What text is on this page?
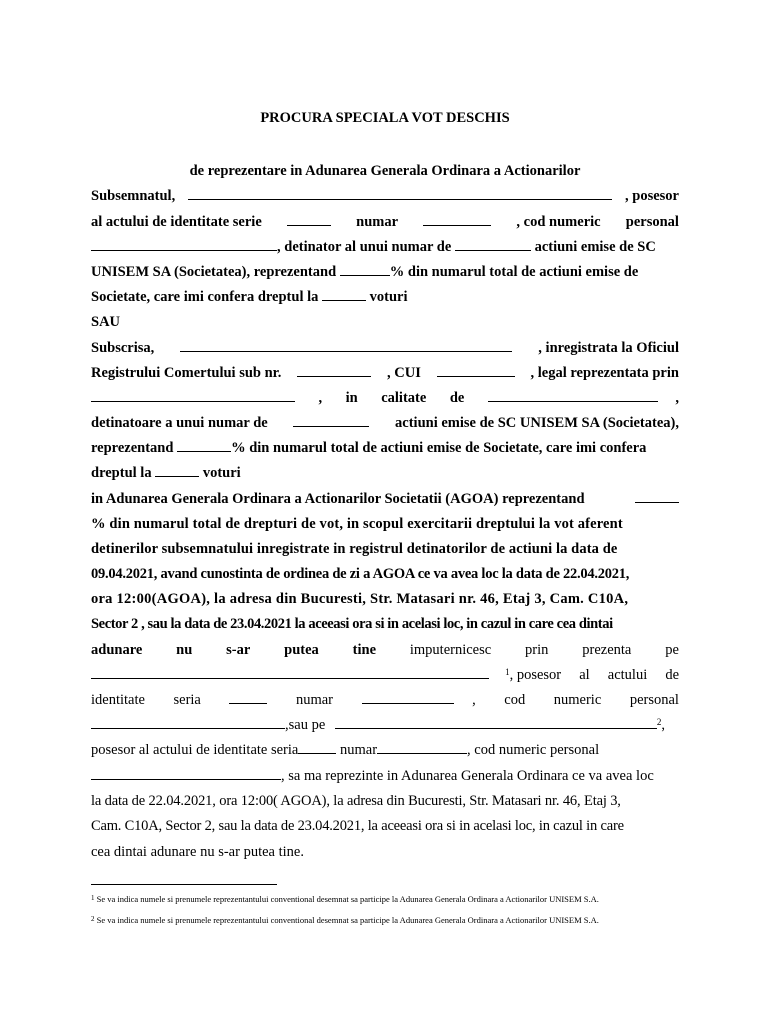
PROCURA SPECIALA VOT DESCHIS
de reprezentare in Adunarea Generala Ordinara a Actionarilor
Subsemnatul,	, posesor
al actului de identitate serie	numar	, cod numeric personal
, detinator al unui numar de	actiuni emise de SC
UNISEM SA (Societatea), reprezentand	% din numarul total de actiuni emise de
Societate, care imi confera dreptul la	voturi
SAU
Subscrisa,	, inregistrata la Oficiul
Registrului Comertului sub nr.	, CUI	, legal reprezentata prin
, in calitate de	,
detinatoare a unui numar de	actiuni emise de SC UNISEM SA (Societatea),
reprezentand	% din numarul total de actiuni emise de Societate, care imi confera
dreptul la	voturi
in Adunarea Generala Ordinara a Actionarilor Societatii (AGOA) reprezentand
% din numarul total de drepturi de vot, in scopul exercitarii dreptului la vot aferent
detinerilor subsemnatului inregistrate in registrul detinatorilor de actiuni la data de
09.04.2021, avand cunostinta de ordinea de zi a AGOA ce va avea loc la data de 22.04.2021,
ora 12:00(AGOA), la adresa din Bucuresti, Str. Matasari nr. 46, Etaj 3, Cam. C10A,
Sector 2 , sau la data de 23.04.2021 la aceeasi ora si in acelasi loc, in cazul in care cea dintai
adunare nu s-ar putea tine imputernicesc prin prezenta pe
$^1$, posesor al actului de
identitate seria	numar	, cod numeric personal
,sau pe	$^2$,
posesor al actului de identitate seria	numar	, cod numeric personal
, sa ma reprezinte in Adunarea Generala Ordinara ce va avea loc
la data de 22.04.2021, ora 12:00( AGOA), la adresa din Bucuresti, Str. Matasari nr. 46, Etaj 3,
Cam. C10A, Sector 2, sau la data de 23.04.2021, la aceeasi ora si in acelasi loc, in cazul in care
cea dintai adunare nu s-ar putea tine.
$^1$ Se va indica numele si prenumele reprezentantului conventional desemnat sa participe la Adunarea Generala Ordinara a Actionarilor UNISEM S.A.
$^2$ Se va indica numele si prenumele reprezentantului conventional desemnat sa participe la Adunarea Generala Ordinara a Actionarilor UNISEM S.A.
